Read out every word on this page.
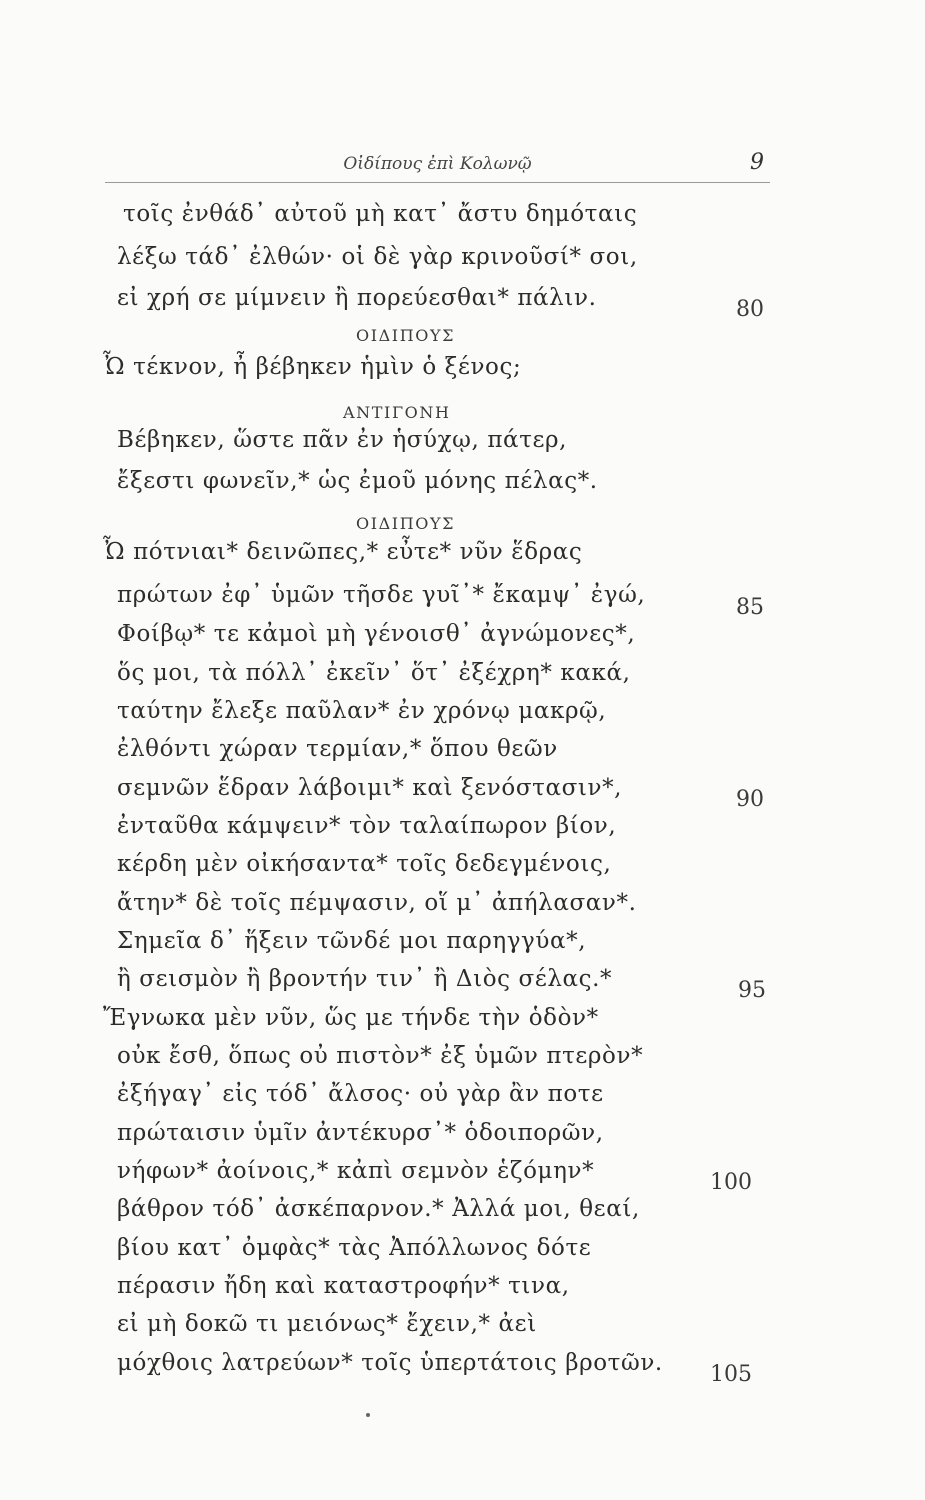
Οἰδίπους ἐπὶ Κολωνῷ	9
τοῖς ἐνθάδ᾽ αὐτοῦ μὴ κατ᾽ ἄστυ δημόταις
λέξω τάδ᾽ ἐλθών· οἱ δὲ γὰρ κρινοῦσί* σοι,
εἰ χρή σε μίμνειν ἢ πορεύεσθαι* πάλιν.
ΟΙΔΙΠΟΥΣ
Ὦ τέκνον, ἦ βέβηκεν ἡμὶν ὁ ξένος;
ΑΝΤΙΓΟΝΗ
Βέβηκεν, ὥστε πᾶν ἐν ἡσύχῳ, πάτερ,
ἔξεστι φωνεῖν,* ὡς ἐμοῦ μόνης πέλας*.
ΟΙΔΙΠΟΥΣ
Ὦ πότνιαι* δεινῶπες,* εὖτε* νῦν ἕδρας
πρώτων ἐφ᾽ ὑμῶν τῆσδε γυῖ᾽* ἔκαμψ᾽ ἐγώ,
Φοίβῳ* τε κἀμοὶ μὴ γένοισθ᾽ ἀγνώμονες*,
ὅς μοι, τὰ πόλλ᾽ ἐκεῖν᾽ ὅτ᾽ ἐξέχρη* κακά,
ταύτην ἔλεξε παῦλαν* ἐν χρόνῳ μακρῷ,
ἐλθόντι χώραν τερμίαν,* ὅπου θεῶν
σεμνῶν ἕδραν λάβοιμι* καὶ ξενόστασιν*,
ἐνταῦθα κάμψειν* τὸν ταλαίπωρον βίον,
κέρδη μὲν οἰκήσαντα* τοῖς δεδεγμένοις,
ἄτην* δὲ τοῖς πέμψασιν, οἵ μ᾽ ἀπήλασαν*.
Σημεῖα δ᾽ ἥξειν τῶνδέ μοι παρηγγύα*,
ἢ σεισμὸν ἢ βροντήν τιν᾽ ἢ Διὸς σέλας.*
Ἔγνωκα μὲν νῦν, ὥς με τήνδε τὴν ὁδὸν*
οὐκ ἔσθ, ὅπως οὐ πιστὸν* ἐξ ὑμῶν πτερὸν*
ἐξήγαγ᾽ εἰς τόδ᾽ ἄλσος· οὐ γὰρ ἂν ποτε
πρώταισιν ὑμῖν ἀντέκυρσ᾽* ὁδοιπορῶν,
νήφων* ἀοίνοις,* κἀπὶ σεμνὸν ἑζόμην*
βάθρον τόδ᾽ ἀσκέπαρνον.* Ἀλλά μοι, θεαί,
βίου κατ᾽ ὀμφὰς* τὰς Ἀπόλλωνος δότε
πέρασιν ἤδη καὶ καταστροφήν* τινα,
εἰ μὴ δοκῶ τι μειόνως* ἔχειν,* ἀεὶ
μόχθοις λατρεύων* τοῖς ὑπερτάτοις βροτῶν.
80
85
90
95
100
105
